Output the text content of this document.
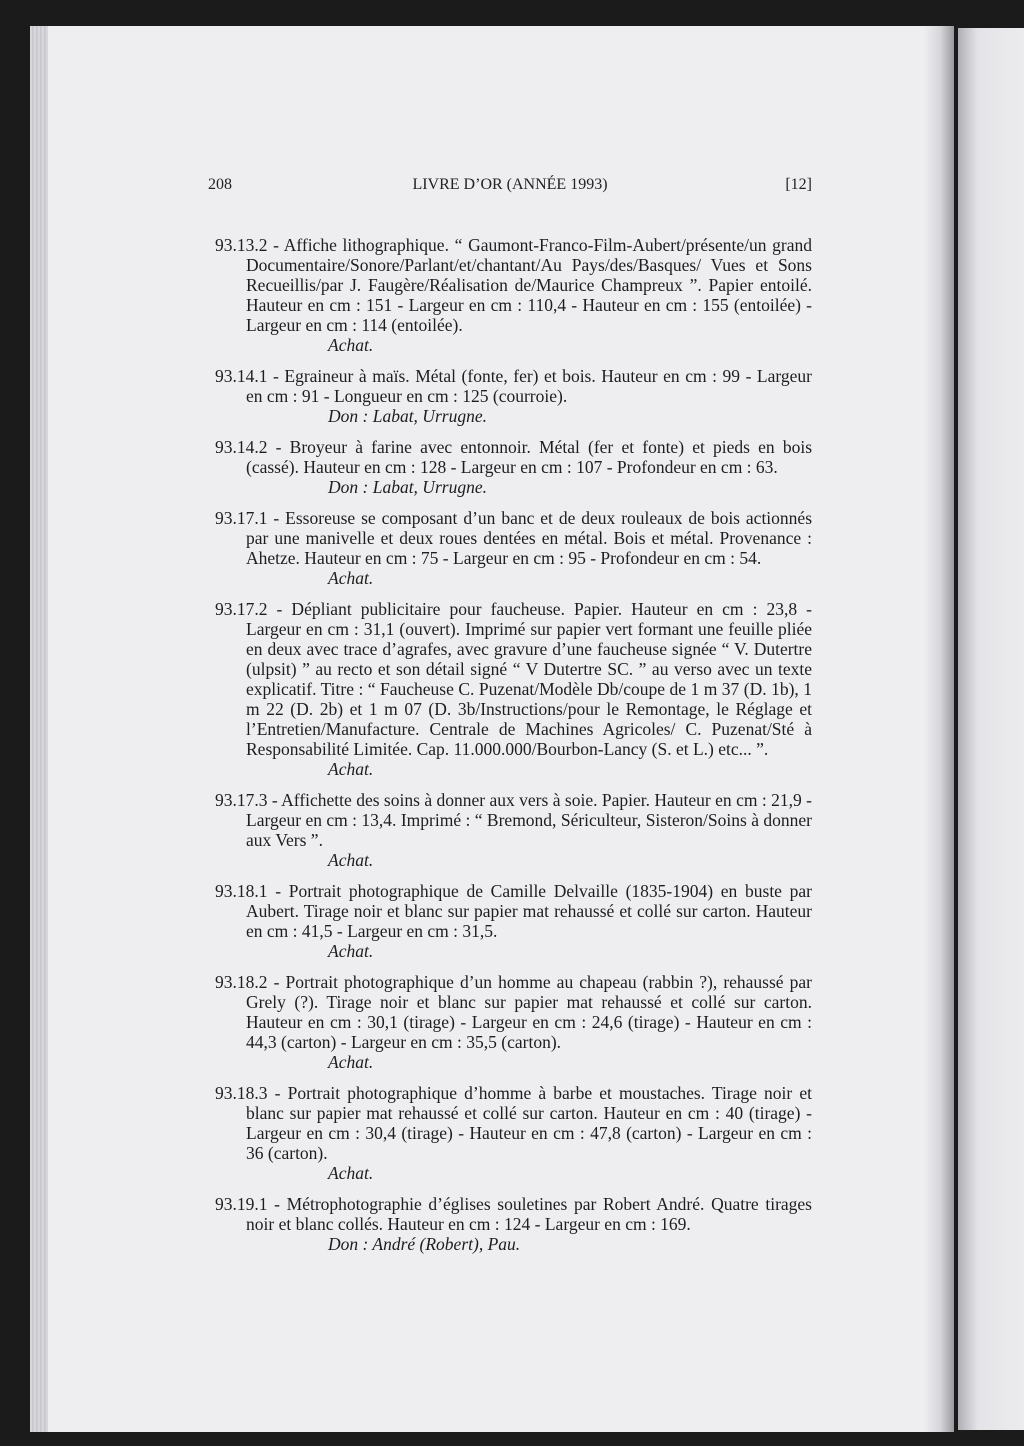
208	LIVRE D’OR (ANNÉE 1993)	[12]
93.13.2 - Affiche lithographique. “ Gaumont-Franco-Film-Aubert/présente/un grand Documentaire/Sonore/Parlant/et/chantant/Au Pays/des/Basques/ Vues et Sons Recueillis/par J. Faugère/Réalisation de/Maurice Champreux ”. Papier entoilé. Hauteur en cm : 151 - Largeur en cm : 110,4 - Hauteur en cm : 155 (entoilée) - Largeur en cm : 114 (entoilée).
Achat.
93.14.1 - Egraineur à maïs. Métal (fonte, fer) et bois. Hauteur en cm : 99 - Largeur en cm : 91 - Longueur en cm : 125 (courroie).
Don : Labat, Urrugne.
93.14.2 - Broyeur à farine avec entonnoir. Métal (fer et fonte) et pieds en bois (cassé). Hauteur en cm : 128 - Largeur en cm : 107 - Profondeur en cm : 63.
Don : Labat, Urrugne.
93.17.1 - Essoreuse se composant d’un banc et de deux rouleaux de bois actionnés par une manivelle et deux roues dentées en métal. Bois et métal. Provenance : Ahetze. Hauteur en cm : 75 - Largeur en cm : 95 - Profondeur en cm : 54.
Achat.
93.17.2 - Dépliant publicitaire pour faucheuse. Papier. Hauteur en cm : 23,8 - Largeur en cm : 31,1 (ouvert). Imprimé sur papier vert formant une feuille pliée en deux avec trace d’agrafes, avec gravure d’une faucheuse signée “ V. Dutertre (ulpsit) ” au recto et son détail signé “ V Dutertre SC. ” au verso avec un texte explicatif. Titre : “ Faucheuse C. Puzenat/Modèle Db/coupe de 1 m 37 (D. 1b), 1 m 22 (D. 2b) et 1 m 07 (D. 3b/Instructions/pour le Remontage, le Réglage et l’Entretien/Manufacture. Centrale de Machines Agricoles/ C. Puzenat/Sté à Responsabilité Limitée. Cap. 11.000.000/Bourbon-Lancy (S. et L.) etc... ”.
Achat.
93.17.3 - Affichette des soins à donner aux vers à soie. Papier. Hauteur en cm : 21,9 - Largeur en cm : 13,4. Imprimé : “ Bremond, Sériculteur, Sisteron/Soins à donner aux Vers ”.
Achat.
93.18.1 - Portrait photographique de Camille Delvaille (1835-1904) en buste par Aubert. Tirage noir et blanc sur papier mat rehaussé et collé sur carton. Hauteur en cm : 41,5 - Largeur en cm : 31,5.
Achat.
93.18.2 - Portrait photographique d’un homme au chapeau (rabbin ?), rehaussé par Grely (?). Tirage noir et blanc sur papier mat rehaussé et collé sur carton. Hauteur en cm : 30,1 (tirage) - Largeur en cm : 24,6 (tirage) - Hauteur en cm : 44,3 (carton) - Largeur en cm : 35,5 (carton).
Achat.
93.18.3 - Portrait photographique d’homme à barbe et moustaches. Tirage noir et blanc sur papier mat rehaussé et collé sur carton. Hauteur en cm : 40 (tirage) - Largeur en cm : 30,4 (tirage) - Hauteur en cm : 47,8 (carton) - Largeur en cm : 36 (carton).
Achat.
93.19.1 - Métrophotographie d’églises souletines par Robert André. Quatre tirages noir et blanc collés. Hauteur en cm : 124 - Largeur en cm : 169.
Don : André (Robert), Pau.
